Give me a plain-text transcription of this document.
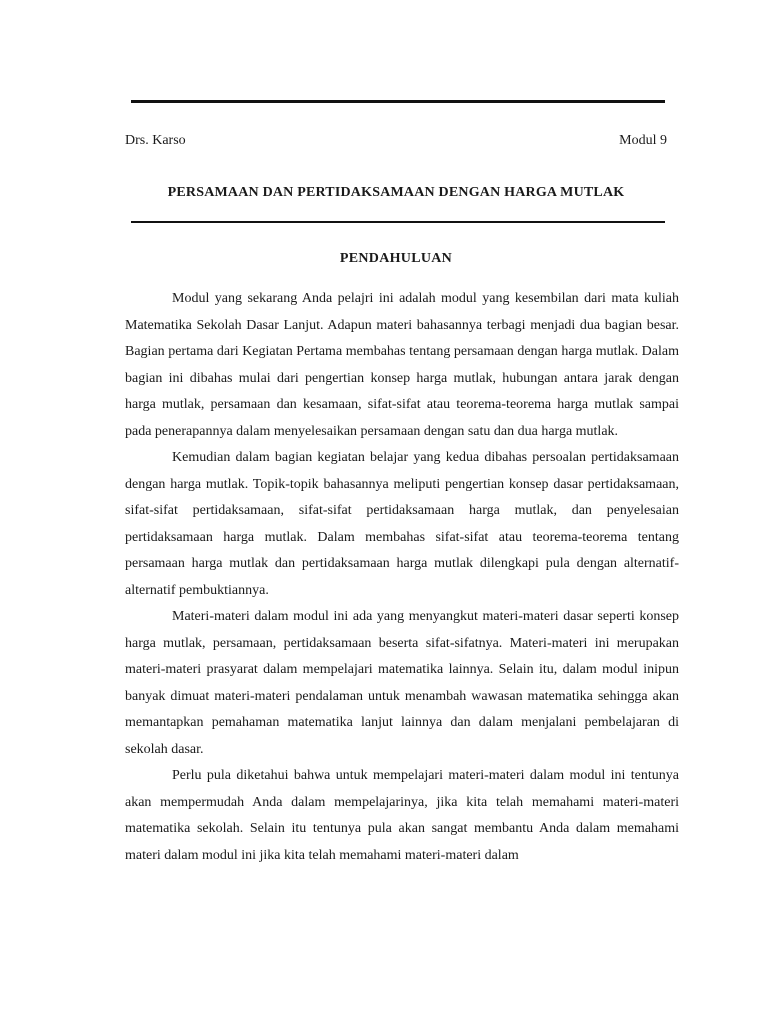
Drs. Karso	Modul 9
PERSAMAAN DAN PERTIDAKSAMAAN DENGAN HARGA MUTLAK
PENDAHULUAN

Modul yang sekarang Anda pelajri ini adalah modul yang kesembilan dari mata kuliah Matematika Sekolah Dasar Lanjut. Adapun materi bahasannya terbagi menjadi dua bagian besar. Bagian pertama dari Kegiatan Pertama membahas tentang persamaan dengan harga mutlak. Dalam bagian ini dibahas mulai dari pengertian konsep harga mutlak, hubungan antara jarak dengan harga mutlak, persamaan dan kesamaan, sifat-sifat atau teorema-teorema harga mutlak sampai pada penerapannya dalam menyelesaikan persamaan dengan satu dan dua harga mutlak.

Kemudian dalam bagian kegiatan belajar yang kedua dibahas persoalan pertidaksamaan dengan harga mutlak. Topik-topik bahasannya meliputi pengertian konsep dasar pertidaksamaan, sifat-sifat pertidaksamaan, sifat-sifat pertidaksamaan harga mutlak, dan penyelesaian pertidaksamaan harga mutlak. Dalam membahas sifat-sifat atau teorema-teorema tentang persamaan harga mutlak dan pertidaksamaan harga mutlak dilengkapi pula dengan alternatif-alternatif pembuktiannya.

Materi-materi dalam modul ini ada yang menyangkut materi-materi dasar seperti konsep harga mutlak, persamaan, pertidaksamaan beserta sifat-sifatnya. Materi-materi ini merupakan materi-materi prasyarat dalam mempelajari matematika lainnya. Selain itu, dalam modul inipun banyak dimuat materi-materi pendalaman untuk menambah wawasan matematika sehingga akan memantapkan pemahaman matematika lanjut lainnya dan dalam menjalani pembelajaran di sekolah dasar.

Perlu pula diketahui bahwa untuk mempelajari materi-materi dalam modul ini tentunya akan mempermudah Anda dalam mempelajarinya, jika kita telah memahami materi-materi matematika sekolah. Selain itu tentunya pula akan sangat membantu Anda dalam memahami materi dalam modul ini jika kita telah memahami materi-materi dalam
